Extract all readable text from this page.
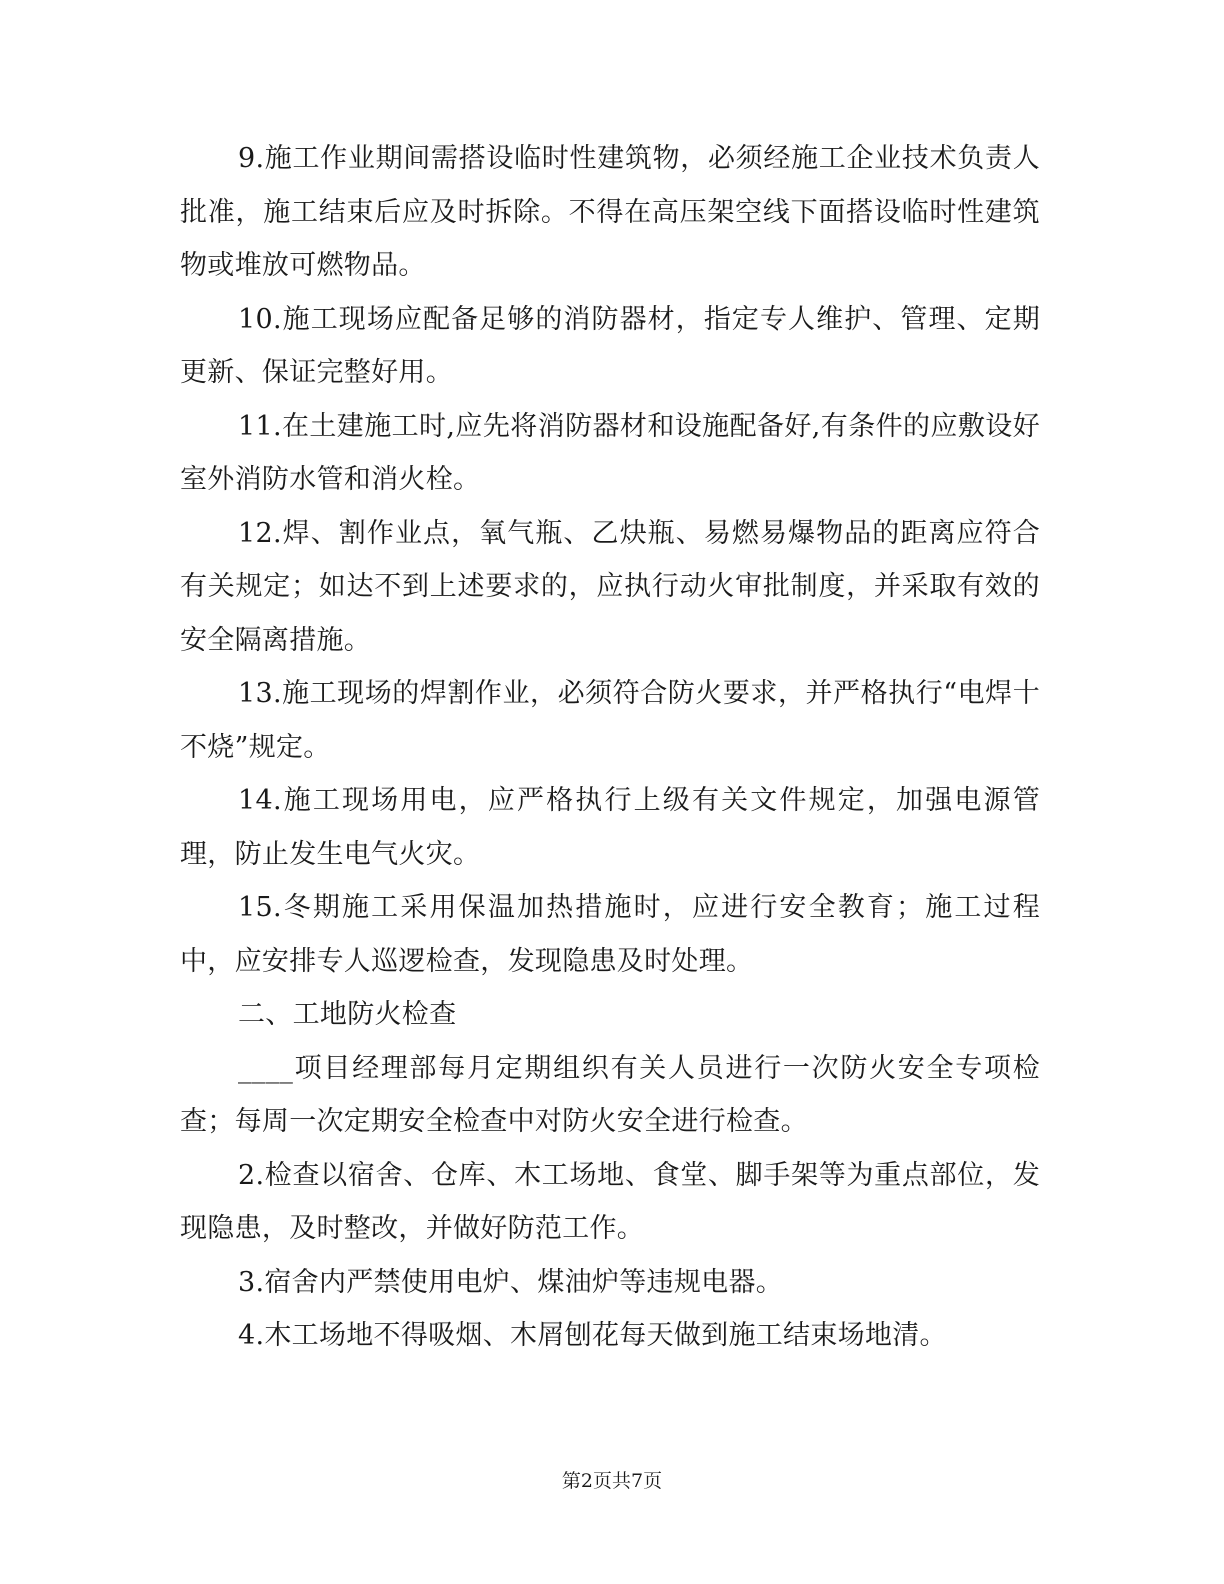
9.施工作业期间需搭设临时性建筑物，必须经施工企业技术负责人批准，施工结束后应及时拆除。不得在高压架空线下面搭设临时性建筑物或堆放可燃物品。

10.施工现场应配备足够的消防器材，指定专人维护、管理、定期更新、保证完整好用。

11.在土建施工时,应先将消防器材和设施配备好,有条件的应敷设好室外消防水管和消火栓。

12.焊、割作业点，氧气瓶、乙炔瓶、易燃易爆物品的距离应符合有关规定；如达不到上述要求的，应执行动火审批制度，并采取有效的安全隔离措施。

13.施工现场的焊割作业，必须符合防火要求，并严格执行“电焊十不烧”规定。

14.施工现场用电，应严格执行上级有关文件规定，加强电源管理，防止发生电气火灾。

15.冬期施工采用保温加热措施时，应进行安全教育；施工过程中，应安排专人巡逻检查，发现隐患及时处理。

二、工地防火检查

____项目经理部每月定期组织有关人员进行一次防火安全专项检查；每周一次定期安全检查中对防火安全进行检查。

2.检查以宿舍、仓库、木工场地、食堂、脚手架等为重点部位，发现隐患，及时整改，并做好防范工作。

3.宿舍内严禁使用电炉、煤油炉等违规电器。

4.木工场地不得吸烟、木屑刨花每天做到施工结束场地清。

第2页共7页
